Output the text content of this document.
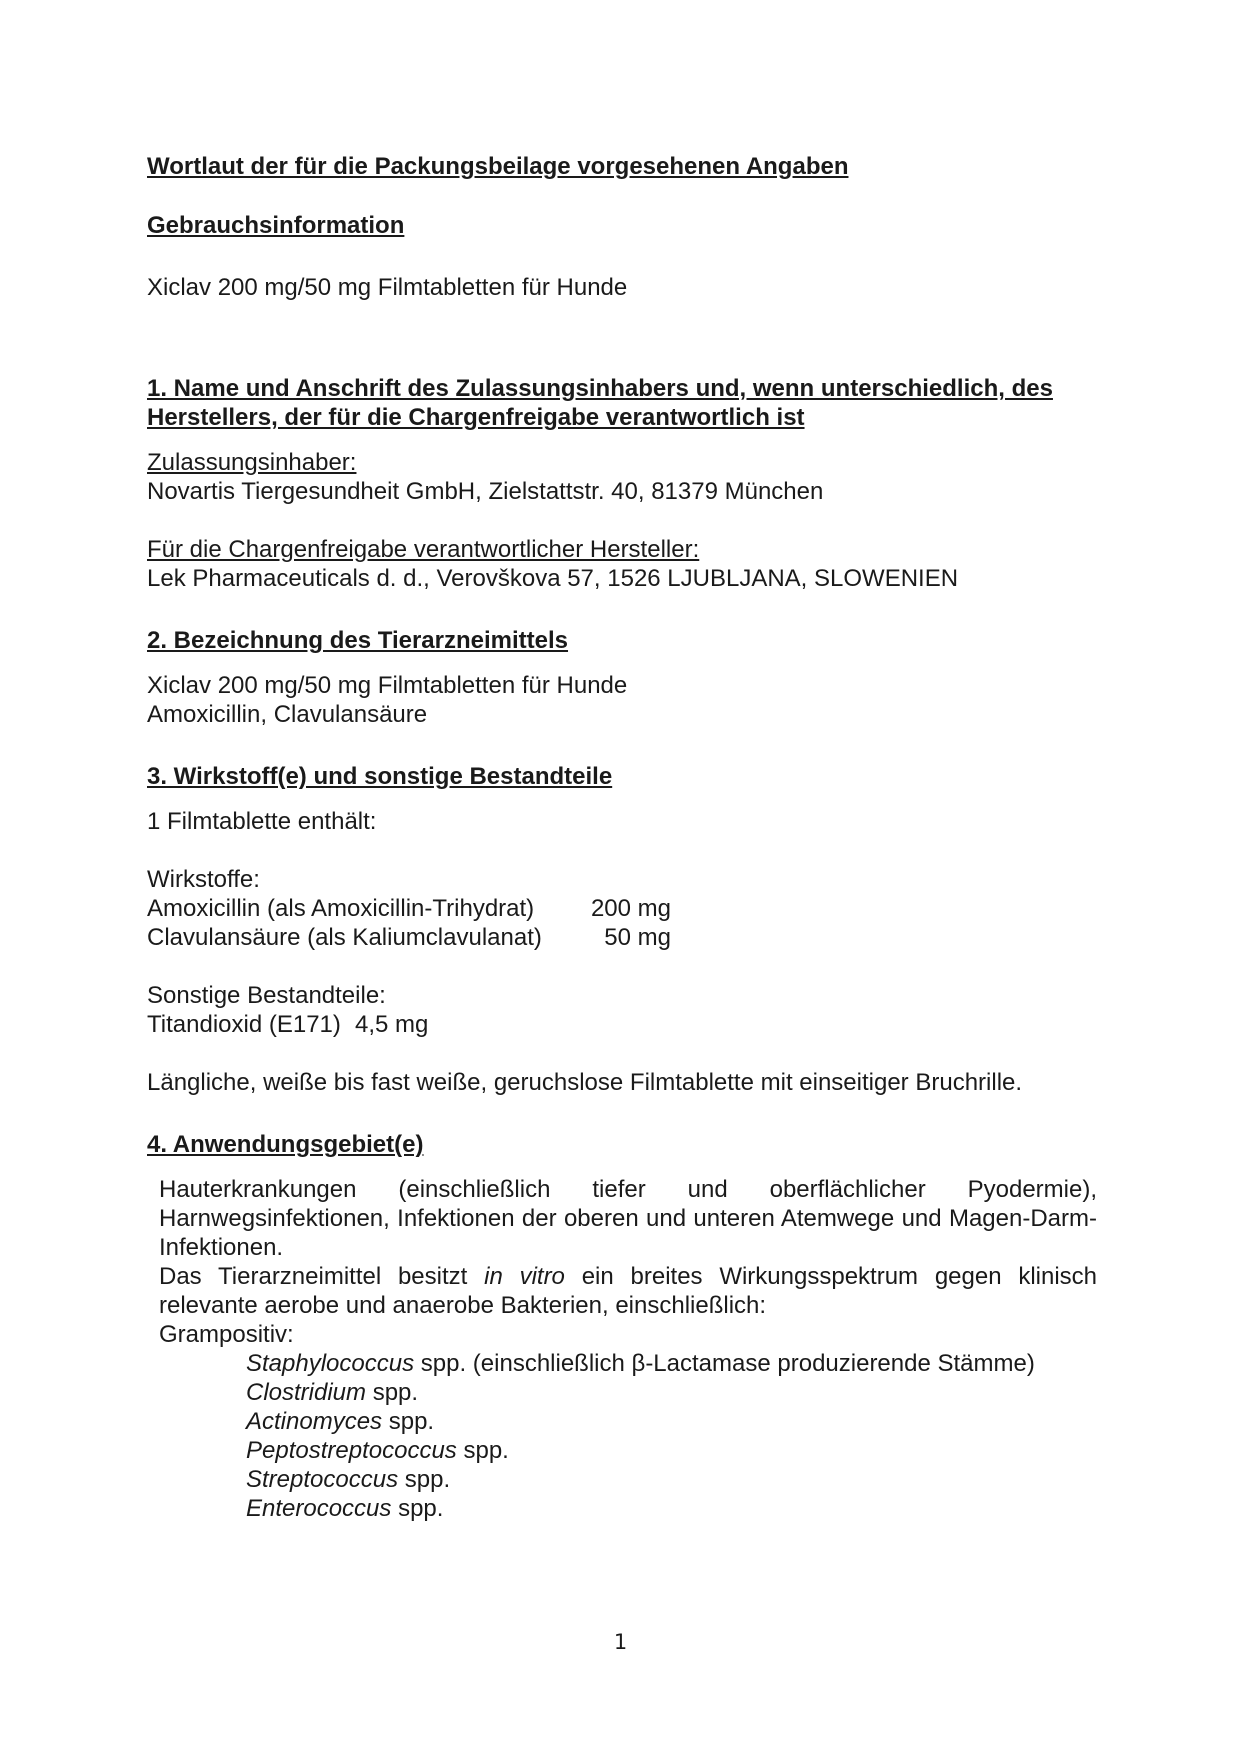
Wortlaut der für die Packungsbeilage vorgesehenen Angaben

Gebrauchsinformation

Xiclav 200 mg/50 mg Filmtabletten für Hunde

1. Name und Anschrift des Zulassungsinhabers und, wenn unterschiedlich, des

Herstellers, der für die Chargenfreigabe verantwortlich ist

Zulassungsinhaber:

Novartis Tiergesundheit GmbH, Zielstattstr. 40, 81379 München

Für die Chargenfreigabe verantwortlicher Hersteller:

Lek Pharmaceuticals d. d., Verovškova 57, 1526 LJUBLJANA, SLOWENIEN

2. Bezeichnung des Tierarzneimittels

Xiclav 200 mg/50 mg Filmtabletten für Hunde

Amoxicillin, Clavulansäure

3. Wirkstoff(e) und sonstige Bestandteile

1 Filmtablette enthält:

Wirkstoffe:

Amoxicillin (als Amoxicillin-Trihydrat)	200 mg
Clavulansäure (als Kaliumclavulanat)	50 mg

Sonstige Bestandteile:

Titandioxid (E171) 4,5 mg

Längliche, weiße bis fast weiße, geruchslose Filmtablette mit einseitiger Bruchrille.

4. Anwendungsgebiet(e)

Hauterkrankungen (einschließlich tiefer und oberflächlicher Pyodermie),

Harnwegsinfektionen, Infektionen der oberen und unteren Atemwege und Magen-Darm-Infektionen.

Das Tierarzneimittel besitzt in vitro ein breites Wirkungsspektrum gegen klinisch relevante aerobe und anaerobe Bakterien, einschließlich:

Grampositiv:

Staphylococcus spp. (einschließlich β-Lactamase produzierende Stämme)

Clostridium spp.

Actinomyces spp.

Peptostreptococcus spp.

Streptococcus spp.

Enterococcus spp.

1
